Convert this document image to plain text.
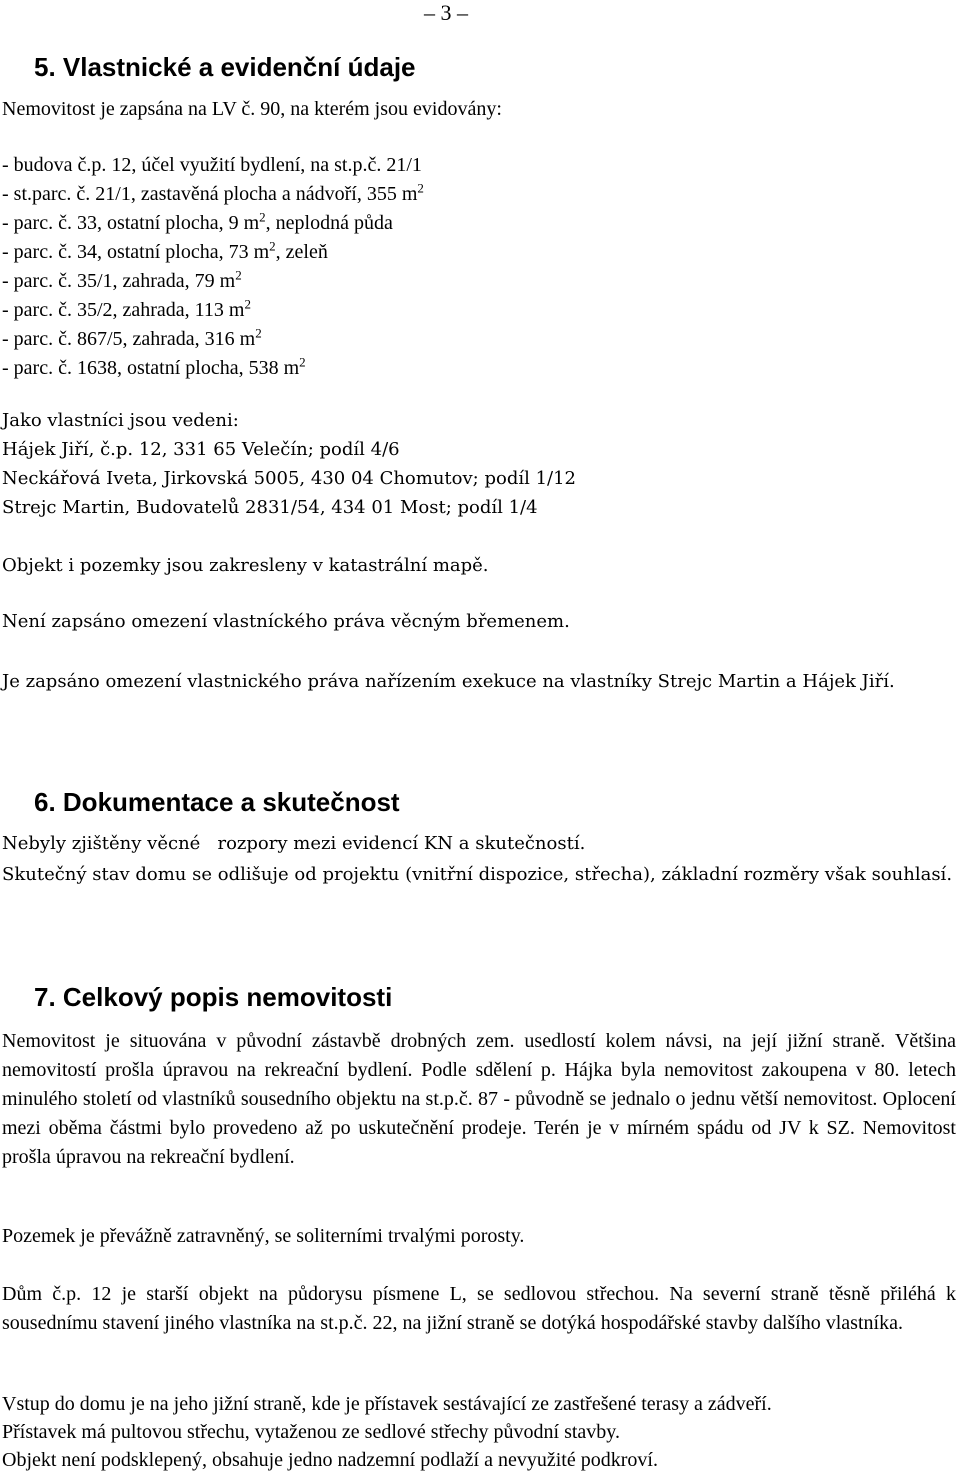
– 3 –
5. Vlastnické a evidenční údaje
Nemovitost je zapsána na LV č. 90, na kterém jsou evidovány:
- budova č.p. 12, účel využití bydlení, na st.p.č. 21/1
- st.parc. č. 21/1, zastavěná plocha a nádvoří, 355 $m^2$
- parc. č. 33, ostatní plocha, 9 $m^2$, neplodná půda
- parc. č. 34, ostatní plocha, 73 $m^2$, zeleň
- parc. č. 35/1, zahrada, 79 $m^2$
- parc. č. 35/2, zahrada, 113 $m^2$
- parc. č. 867/5, zahrada, 316 $m^2$
- parc. č. 1638, ostatní plocha, 538 $m^2$
Jako vlastníci jsou vedeni:
Hájek Jiří, č.p. 12, 331 65 Velečín; podíl 4/6
Neckářová Iveta, Jirkovská 5005, 430 04 Chomutov; podíl 1/12
Strejc Martin, Budovatelů 2831/54, 434 01 Most; podíl 1/4
Objekt i pozemky jsou zakresleny v katastrální mapě.
Není zapsáno omezení vlastníckého práva věcným břemenem.
Je zapsáno omezení vlastnického práva nařízením exekuce na vlastníky Strejc Martin a Hájek Jiří.
6. Dokumentace a skutečnost
Nebyly zjištěny věcné   rozpory mezi evidencí KN a skutečností.
Skutečný stav domu se odlišuje od projektu (vnitřní dispozice, střecha), základní rozměry však souhlasí.
7. Celkový popis nemovitosti
Nemovitost je situována v původní zástavbě drobných zem. usedlostí kolem návsi, na její jižní straně. Většina nemovitostí prošla úpravou na rekreační bydlení. Podle sdělení p. Hájka byla nemovitost zakoupena v 80. letech minulého století od vlastníků sousedního objektu na st.p.č. 87 - původně se jednalo o jednu větší nemovitost. Oplocení mezi oběma částmi bylo provedeno až po uskutečnění prodeje. Terén je v mírném spádu od JV k SZ. Nemovitost prošla úpravou na rekreační bydlení.
Pozemek je převážně zatravněný, se soliterními trvalými porosty.
Dům č.p. 12 je starší objekt na půdorysu písmene L, se sedlovou střechou. Na severní straně těsně přiléhá k sousednímu stavení jiného vlastníka na st.p.č. 22, na jižní straně se dotýká hospodářské stavby dalšího vlastníka.
Vstup do domu je na jeho jižní straně, kde je přístavek sestávající ze zastřešené terasy a zádveří.
Přístavek má pultovou střechu, vytaženou ze sedlové střechy původní stavby.
Objekt není podsklepený, obsahuje jedno nadzemní podlaží a nevyužité podkroví.
